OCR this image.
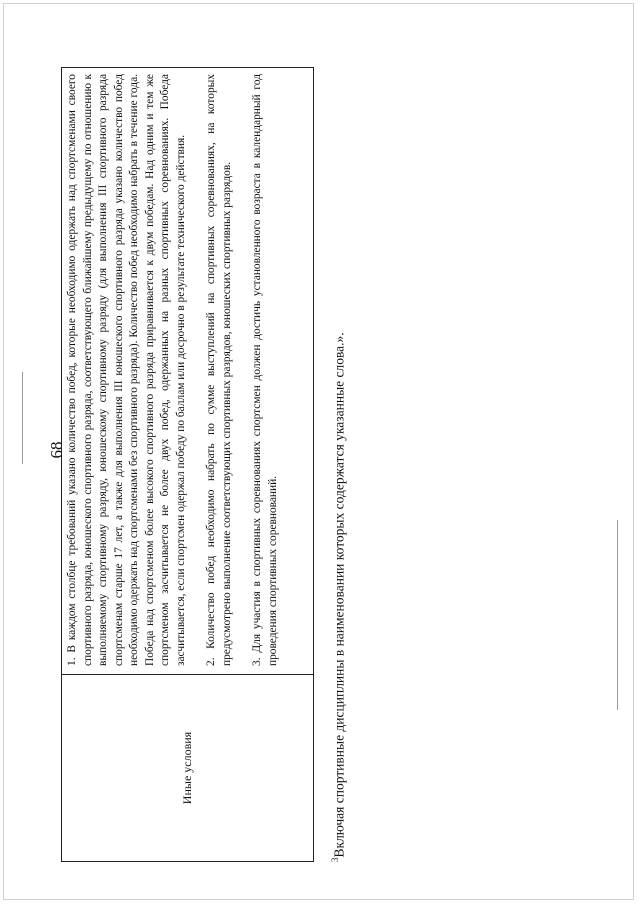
68
Иные условия	

1. В каждом столбце требований указано количество побед, которые необходимо одержать над спортсменами своего спортивного разряда, юношеского спортивного разряда, соответствующего ближайшему предыдущему по отношению к выполняемому спортивному разряду, юношескому спортивному разряду (для выполнения III спортивного разряда спортсменам старше 17 лет, а также для выполнения III юношеского спортивного разряда указано количество побед необходимо одержать над спортсменами без спортивного разряда). Количество побед необходимо набрать в течение года. Победа над спортсменом более высокого спортивного разряда приравнивается к двум победам. Над одним и тем же спортсменом засчитывается не более двух побед, одержанных на разных спортивных соревнованиях. Победа засчитывается, если спортсмен одержал победу по баллам или досрочно в результате технического действия. 2. Количество побед необходимо набрать по сумме выступлений на спортивных соревнованиях, на которых предусмотрено выполнение соответствующих спортивных разрядов, юношеских спортивных разрядов. 3. Для участия в спортивных соревнованиях спортсмен должен достичь установленного возраста в календарный год проведения спортивных соревнований.

$^3$Включая спортивные дисциплины в наименовании которых содержатся указанные слова.».
